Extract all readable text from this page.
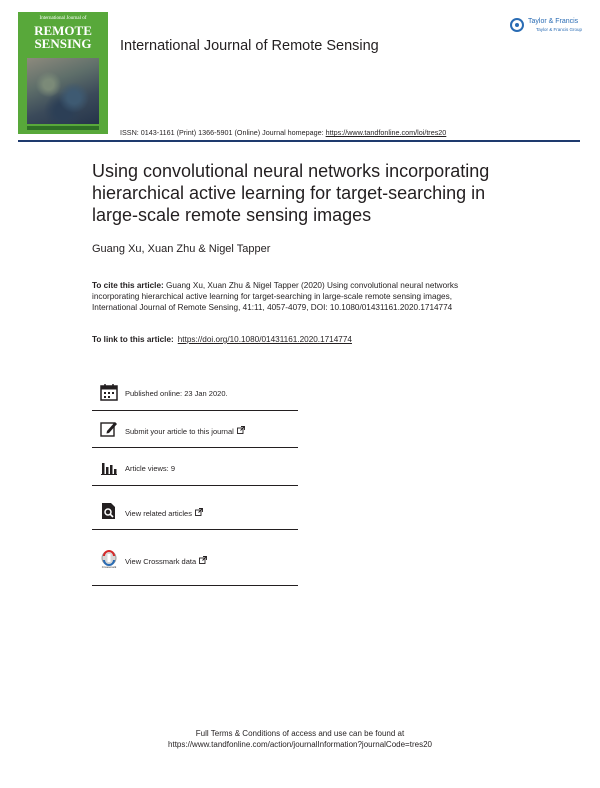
International Journal of
REMOTE
SENSING	International Journal of Remote Sensing
ISSN: 0143-1161 (Print) 1366-5901 (Online) Journal homepage: https://www.tandfonline.com/loi/tres20
Taylor & Francis
Taylor & Francis Group
Using convolutional neural networks incorporating hierarchical active learning for target-searching in large-scale remote sensing images
Guang Xu, Xuan Zhu & Nigel Tapper
To cite this article: Guang Xu, Xuan Zhu & Nigel Tapper (2020) Using convolutional neural networks incorporating hierarchical active learning for target-searching in large-scale remote sensing images, International Journal of Remote Sensing, 41:11, 4057-4079, DOI: 10.1080/01431161.2020.1714774
To link to this article: https://doi.org/10.1080/01431161.2020.1714774
Published online: 23 Jan 2020.
Submit your article to this journal
Article views: 9
View related articles
Crossmark
View Crossmark data
Full Terms & Conditions of access and use can be found at
https://www.tandfonline.com/action/journalInformation?journalCode=tres20
